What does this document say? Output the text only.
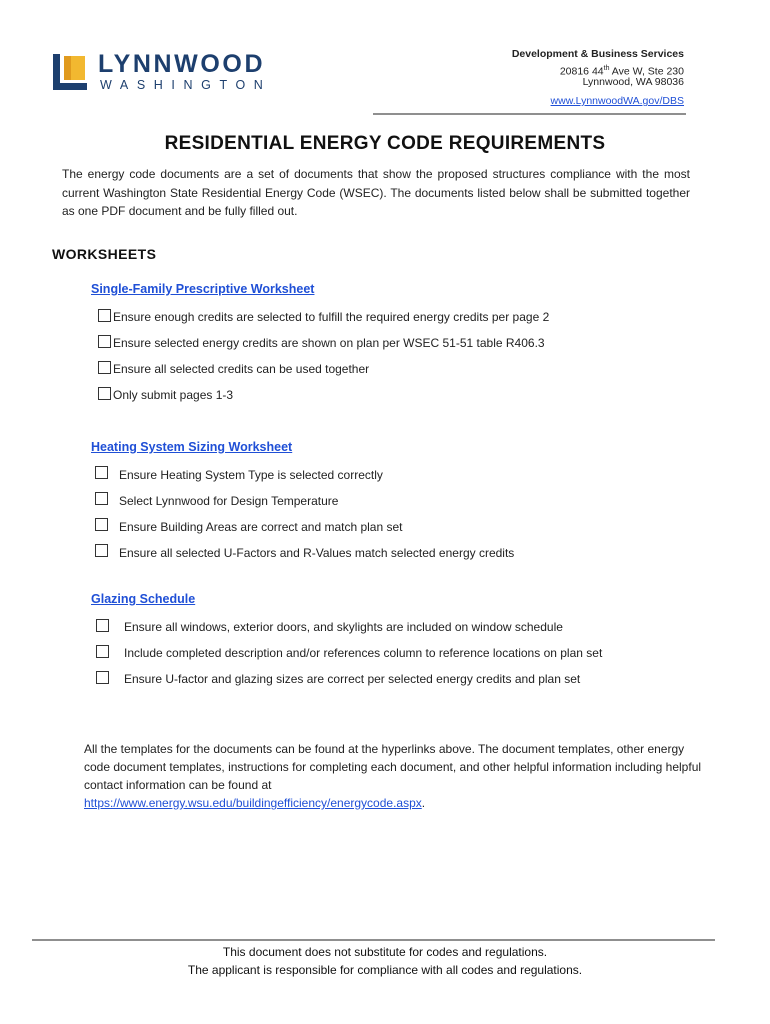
LYNNWOOD
WASHINGTON
Development & Business Services
20816 44th Ave W, Ste 230
Lynnwood, WA 98036
www.LynnwoodWA.gov/DBS
RESIDENTIAL ENERGY CODE REQUIREMENTS
The energy code documents are a set of documents that show the proposed structures compliance with the most current Washington State Residential Energy Code (WSEC). The documents listed below shall be submitted together as one PDF document and be fully filled out.
WORKSHEETS
Single-Family Prescriptive Worksheet
Ensure enough credits are selected to fulfill the required energy credits per page 2
Ensure selected energy credits are shown on plan per WSEC 51-51 table R406.3
Ensure all selected credits can be used together
Only submit pages 1-3
Heating System Sizing Worksheet
Ensure Heating System Type is selected correctly
Select Lynnwood for Design Temperature
Ensure Building Areas are correct and match plan set
Ensure all selected U-Factors and R-Values match selected energy credits
Glazing Schedule
Ensure all windows, exterior doors, and skylights are included on window schedule
Include completed description and/or references column to reference locations on plan set
Ensure U-factor and glazing sizes are correct per selected energy credits and plan set
All the templates for the documents can be found at the hyperlinks above. The document templates, other energy code document templates, instructions for completing each document, and other helpful information including helpful contact information can be found at
https://www.energy.wsu.edu/buildingefficiency/energycode.aspx.
This document does not substitute for codes and regulations.
The applicant is responsible for compliance with all codes and regulations.
